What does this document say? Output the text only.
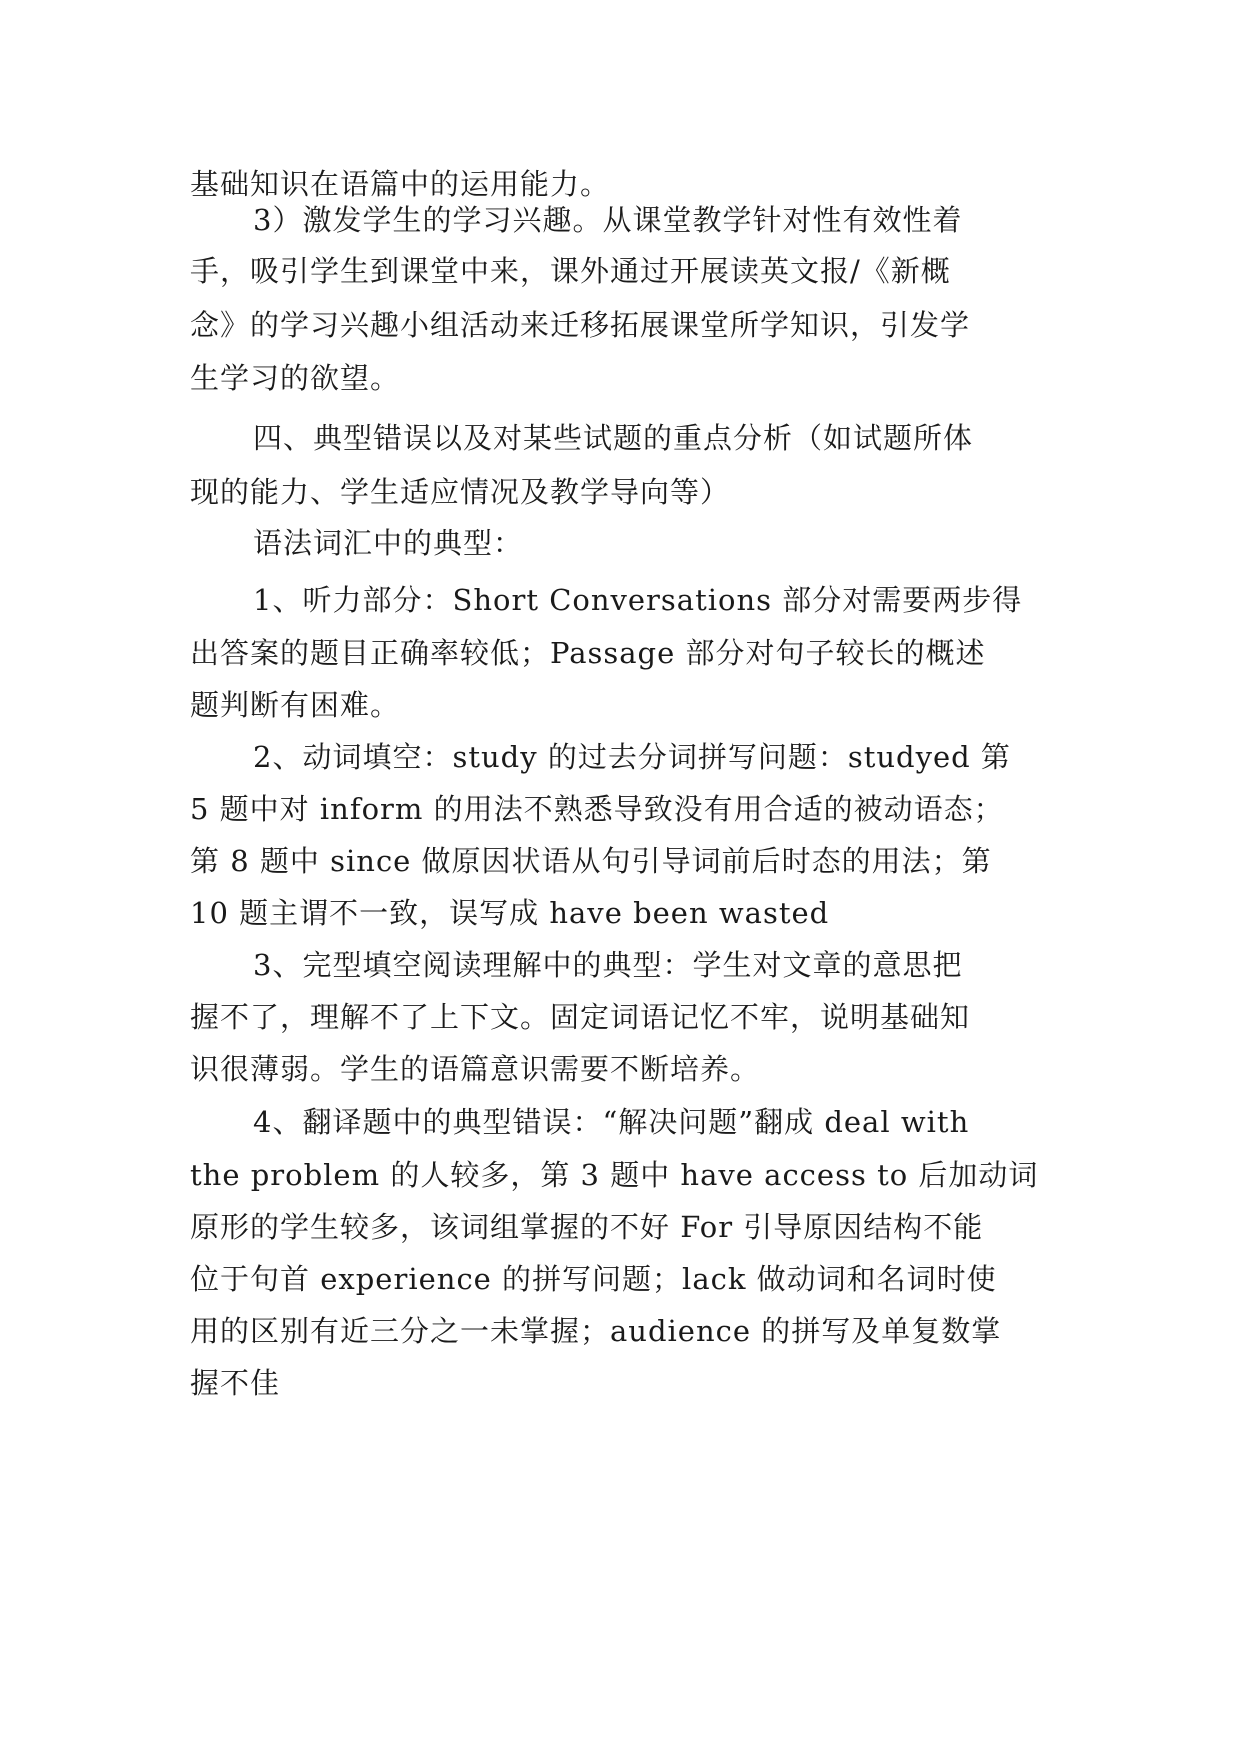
基础知识在语篇中的运用能力。
3）激发学生的学习兴趣。从课堂教学针对性有效性着
手，吸引学生到课堂中来，课外通过开展读英文报/《新概
念》的学习兴趣小组活动来迁移拓展课堂所学知识，引发学
生学习的欲望。
四、典型错误以及对某些试题的重点分析（如试题所体
现的能力、学生适应情况及教学导向等）
语法词汇中的典型：
1、听力部分：Short Conversations 部分对需要两步得
出答案的题目正确率较低；Passage 部分对句子较长的概述
题判断有困难。
2、动词填空：study 的过去分词拼写问题：studyed 第
5 题中对 inform 的用法不熟悉导致没有用合适的被动语态；
第 8 题中 since 做原因状语从句引导词前后时态的用法；第
10 题主谓不一致，误写成 have been wasted
3、完型填空阅读理解中的典型：学生对文章的意思把
握不了，理解不了上下文。固定词语记忆不牢，说明基础知
识很薄弱。学生的语篇意识需要不断培养。
4、翻译题中的典型错误：“解决问题”翻成 deal with
the problem 的人较多，第 3 题中 have access to 后加动词
原形的学生较多，该词组掌握的不好 For 引导原因结构不能
位于句首 experience 的拼写问题；lack 做动词和名词时使
用的区别有近三分之一未掌握；audience 的拼写及单复数掌
握不佳
